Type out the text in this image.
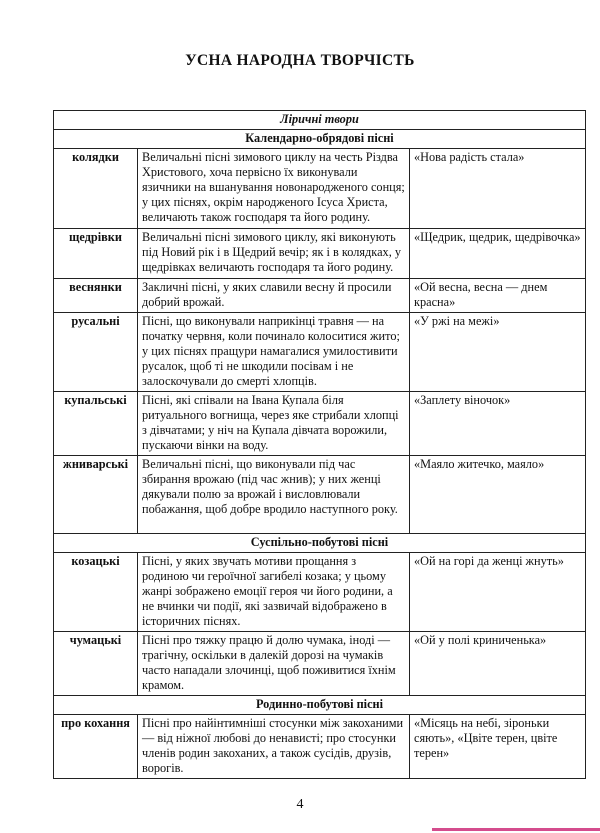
УСНА НАРОДНА ТВОРЧІСТЬ
Ліричні твори		
Календарно-обрядові пісні		
колядки	Величальні пісні зимового циклу на честь Різдва Христового, хоча первісно їх виконували язичники на вшанування новонародженого сонця; у цих піснях, окрім народженого Ісуса Христа, величають також господаря та його родину.	«Нова радість стала»
щедрівки	Величальні пісні зимового циклу, які виконують під Новий рік і в Щедрий вечір; як і в колядках, у щедрівках величають господаря та його родину.	«Щедрик, щедрик, щедрівочка»
веснянки	Закличні пісні, у яких славили весну й просили добрий врожай.	«Ой весна, весна — днем красна»
русальні	Пісні, що виконували наприкінці травня — на початку червня, коли починало колоситися жито; у цих піснях пращури намагалися умилостивити русалок, щоб ті не шкодили посівам і не залоскочували до смерті хлопців.	«У ржі на межі»
купальські	Пісні, які співали на Івана Купала біля ритуального вогнища, через яке стрибали хлопці з дівчатами; у ніч на Купала дівчата ворожили, пускаючи вінки на воду.	«Заплету віночок»
жниварські	Величальні пісні, що виконували під час збирання врожаю (під час жнив); у них женці дякували полю за врожай і висловлювали побажання, щоб добре вродило наступного року.	«Маяло житечко, маяло»
Суспільно-побутові пісні		
козацькі	Пісні, у яких звучать мотиви прощання з родиною чи героїчної загибелі козака; у цьому жанрі зображено емоції героя чи його родини, а не вчинки чи події, які зазвичай відображено в історичних піснях.	«Ой на горі да женці жнуть»
чумацькі	Пісні про тяжку працю й долю чумака, іноді — трагічну, оскільки в далекій дорозі на чумаків часто нападали злочинці, щоб поживитися їхнім крамом.	«Ой у полі криниченька»
Родинно-побутові пісні		
про кохання	Пісні про найінтимніші стосунки між закоханими — від ніжної любові до ненависті; про стосунки членів родин закоханих, а також сусідів, друзів, ворогів.	«Місяць на небі, зіроньки сяють», «Цвіте терен, цвіте терен»
4
